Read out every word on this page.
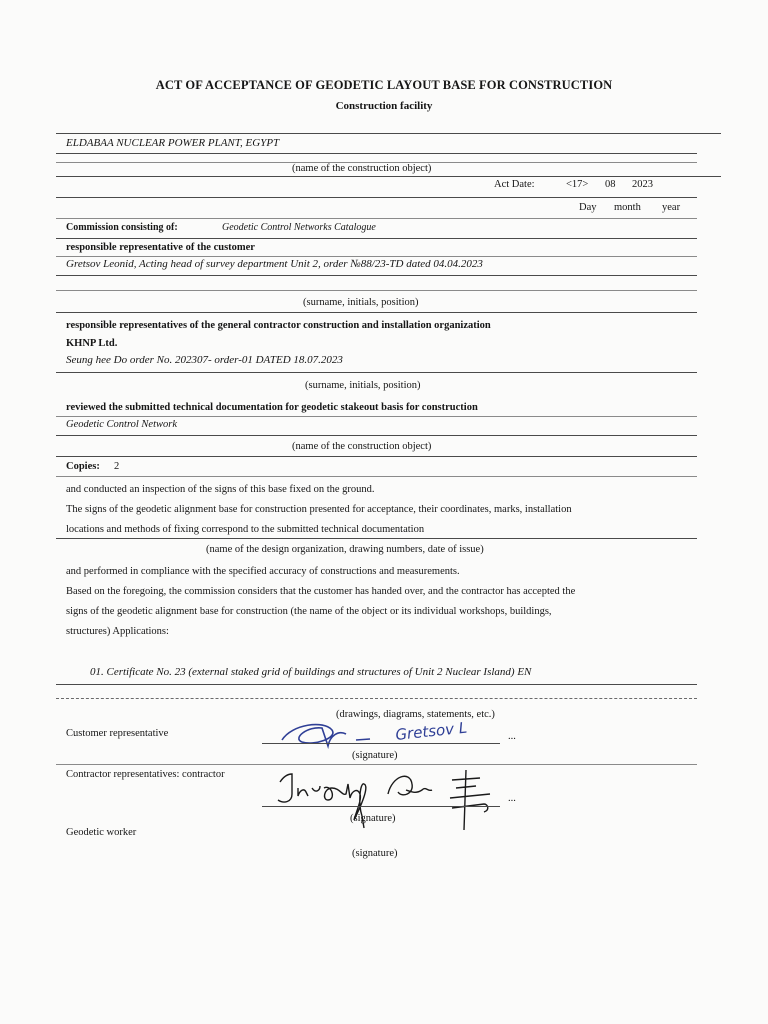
ACT OF ACCEPTANCE OF GEODETIC LAYOUT BASE FOR CONSTRUCTION
Construction facility
ELDABAA NUCLEAR POWER PLANT, EGYPT
(name of the construction object)
Act Date:	<17> 08 2023
Day month year
Commission consisting of:	Geodetic Control Networks Catalogue
responsible representative of the customer
Gretsov Leonid, Acting head of survey department Unit 2, order №88/23-TD dated 04.04.2023
(surname, initials, position)
responsible representatives of the general contractor construction and installation organization
KHNP Ltd.
Seung hee Do order No. 202307- order-01 DATED 18.07.2023
(surname, initials, position)
reviewed the submitted technical documentation for geodetic stakeout basis for construction
Geodetic Control Network
(name of the construction object)
Copies: 2
and conducted an inspection of the signs of this base fixed on the ground.
The signs of the geodetic alignment base for construction presented for acceptance, their coordinates, marks, installation
locations and methods of fixing correspond to the submitted technical documentation
(name of the design organization, drawing numbers, date of issue)
and performed in compliance with the specified accuracy of constructions and measurements.
Based on the foregoing, the commission considers that the customer has handed over, and the contractor has accepted the
signs of the geodetic alignment base for construction (the name of the object or its individual workshops, buildings,
structures) Applications:
01. Certificate No. 23 (external staked grid of buildings and structures of Unit 2 Nuclear Island) EN
(drawings, diagrams, statements, etc.)
Customer representative	Gretsov L	...
(signature)
Contractor representatives: contractor
...
(signature)
Geodetic worker
(signature)
